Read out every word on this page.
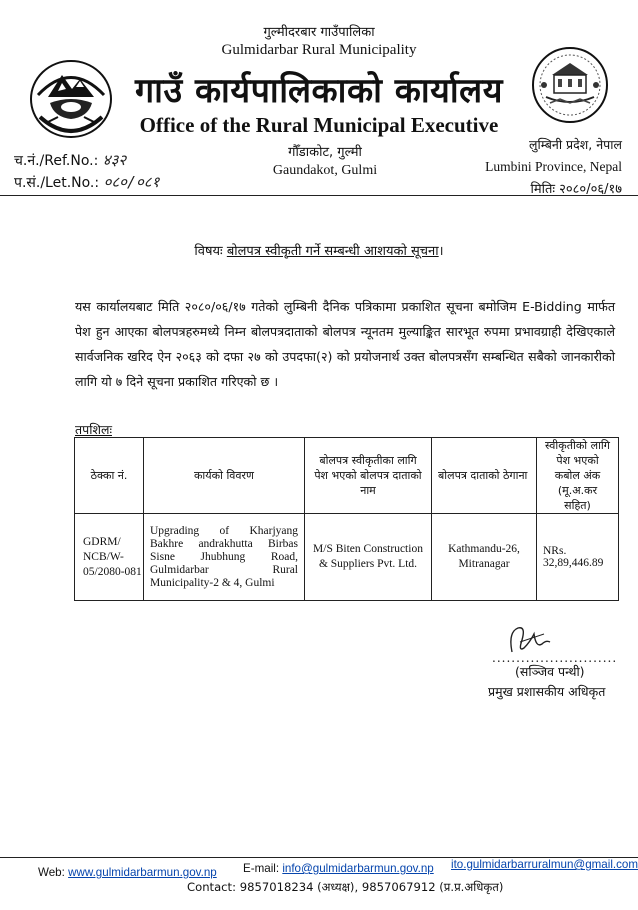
गुल्मीदरबार गाउँपालिका
Gulmidarbar Rural Municipality
गाउँ कार्यपालिकाको कार्यालय
Office of the Rural Municipal Executive
गौँडाकोट, गुल्मी
Gaundakot, Gulmi
लुम्बिनी प्रदेश, नेपाल
Lumbini Province, Nepal
मितिः २०८०/०६/१७
च.नं./Ref.No.: ४३२
प.सं./Let.No.: ०८०/०८१
विषयः बोलपत्र स्वीकृती गर्ने सम्बन्धी आशयको सूचना।
यस कार्यालयबाट मिति २०८०/०६/१७ गतेको लुम्बिनी दैनिक पत्रिकामा प्रकाशित सूचना बमोजिम E-Bidding मार्फत पेश हुन आएका बोलपत्रहरुमध्ये निम्न बोलपत्रदाताको बोलपत्र न्यूनतम मुल्याङ्कित सारभूत रुपमा प्रभावग्राही देखिएकाले सार्वजनिक खरिद ऐन २०६३ को दफा २७ को उपदफा(२) को प्रयोजनार्थ उक्त बोलपत्रसँग सम्बन्धित सबैको जानकारीको लागि यो ७ दिने सूचना प्रकाशित गरिएको छ ।
तपशिलः
ठेक्का नं.	कार्यको विवरण	बोलपत्र स्वीकृतीका लागि पेश भएको बोलपत्र दाताको नाम	बोलपत्र दाताको ठेगाना	स्वीकृतीको लागि पेश भएको कबोल अंक (मू.अ.कर सहित)
GDRM/ NCB/W-05/2080-081	Upgrading of Kharjyang Bakhre andrakhutta Birbas Sisne Jhubhung Road, Gulmidarbar Rural Municipality-2 & 4, Gulmi	M/S Biten Construction & Suppliers Pvt. Ltd.	Kathmandu-26, Mitranagar	NRs. 32,89,446.89
..........................
(सञ्जिव पन्थी)
प्रमुख प्रशासकीय अधिकृत
Web: www.gulmidarbarmun.gov.np E-mail: info@gulmidarbarmun.gov.np ito.gulmidarbarruralmun@gmail.com
Contact: 9857018234 (अध्यक्ष), 9857067912 (प्र.प्र.अधिकृत)
